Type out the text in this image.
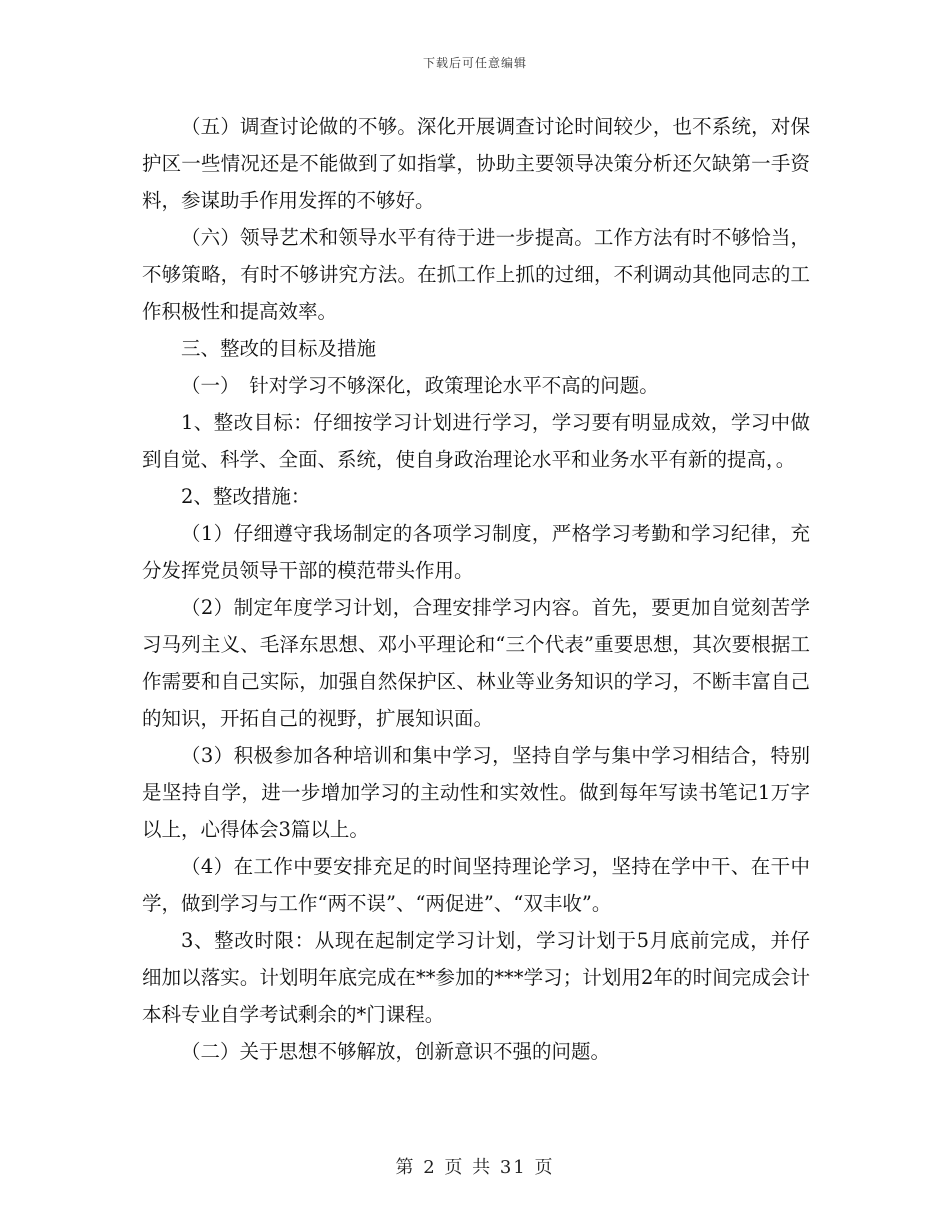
下载后可任意编辑

（五）调查讨论做的不够。深化开展调查讨论时间较少，也不系统，对保护区一些情况还是不能做到了如指掌，协助主要领导决策分析还欠缺第一手资料，参谋助手作用发挥的不够好。

（六）领导艺术和领导水平有待于进一步提高。工作方法有时不够恰当，不够策略，有时不够讲究方法。在抓工作上抓的过细，不利调动其他同志的工作积极性和提高效率。

三、整改的目标及措施

（一）　针对学习不够深化，政策理论水平不高的问题。

1、整改目标：仔细按学习计划进行学习，学习要有明显成效，学习中做到自觉、科学、全面、系统，使自身政治理论水平和业务水平有新的提高，。

2、整改措施：

（1）仔细遵守我场制定的各项学习制度，严格学习考勤和学习纪律，充分发挥党员领导干部的模范带头作用。

（2）制定年度学习计划，合理安排学习内容。首先，要更加自觉刻苦学习马列主义、毛泽东思想、邓小平理论和“三个代表”重要思想，其次要根据工作需要和自己实际，加强自然保护区、林业等业务知识的学习，不断丰富自己的知识，开拓自己的视野，扩展知识面。

（3）积极参加各种培训和集中学习，坚持自学与集中学习相结合，特别是坚持自学，进一步增加学习的主动性和实效性。做到每年写读书笔记1万字以上，心得体会3篇以上。

（4）在工作中要安排充足的时间坚持理论学习，坚持在学中干、在干中学，做到学习与工作“两不误”、“两促进”、“双丰收”。

3、整改时限：从现在起制定学习计划，学习计划于5月底前完成，并仔细加以落实。计划明年底完成在**参加的***学习；计划用2年的时间完成会计本科专业自学考试剩余的*门课程。

（二）关于思想不够解放，创新意识不强的问题。

第 2 页 共 31 页
